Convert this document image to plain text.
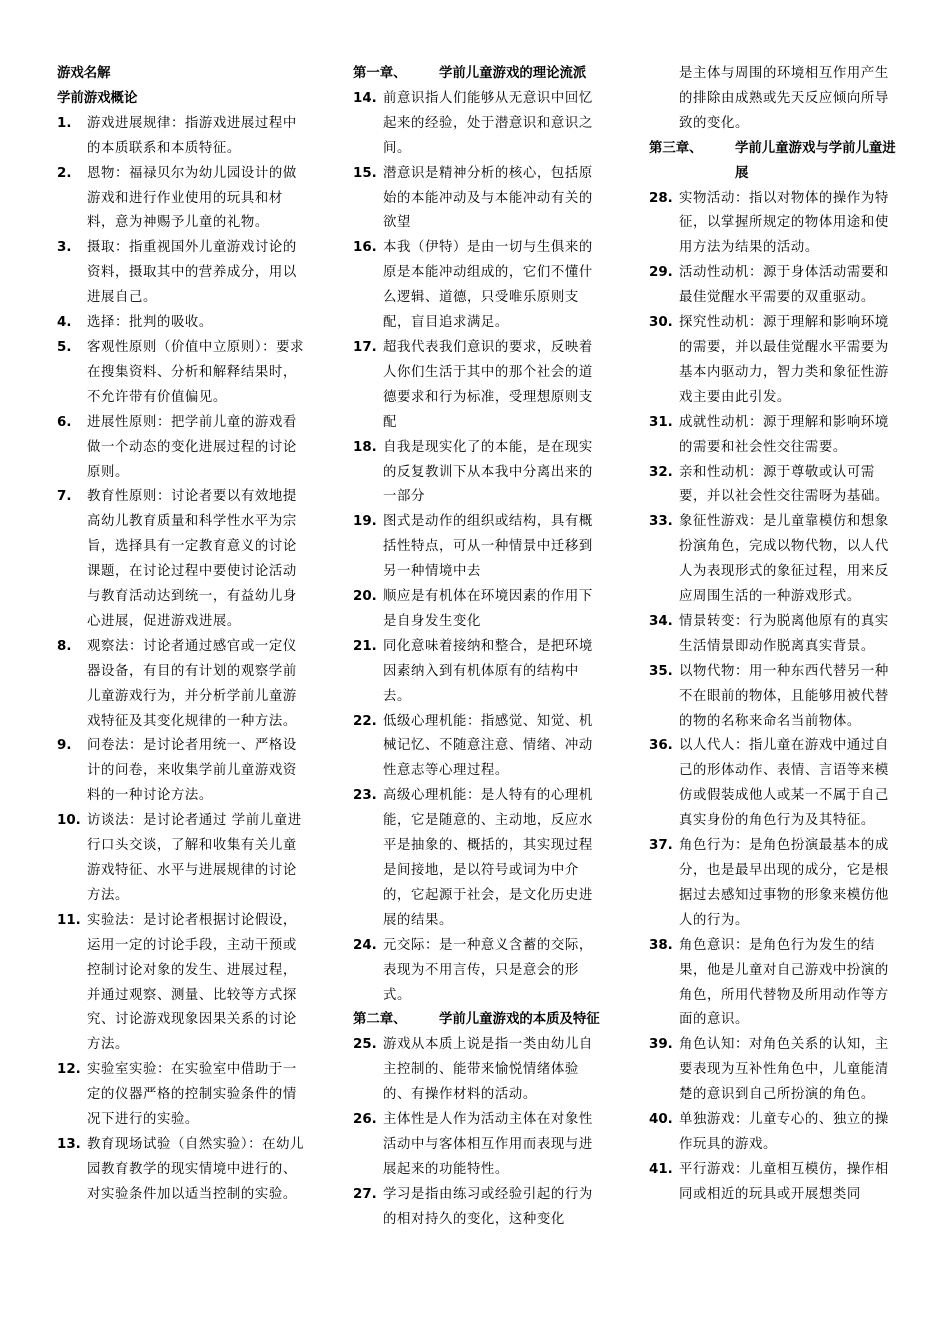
游戏名解
学前游戏概论
1. 游戏进展规律：指游戏进展过程中的本质联系和本质特征。
2. 恩物：福禄贝尔为幼儿园设计的做游戏和进行作业使用的玩具和材料，意为神赐予儿童的礼物。
3. 摄取：指重视国外儿童游戏讨论的资料，摄取其中的营养成分，用以进展自己。
4. 选择：批判的吸收。
5. 客观性原则（价值中立原则）：要求在搜集资料、分析和解释结果时，不允许带有价值偏见。
6. 进展性原则：把学前儿童的游戏看做一个动态的变化进展过程的讨论原则。
7. 教育性原则：讨论者要以有效地提高幼儿教育质量和科学性水平为宗旨，选择具有一定教育意义的讨论课题，在讨论过程中要使讨论活动与教育活动达到统一，有益幼儿身心进展，促进游戏进展。
8. 观察法：讨论者通过感官或一定仪器设备，有目的有计划的观察学前儿童游戏行为，并分析学前儿童游戏特征及其变化规律的一种方法。
9. 问卷法：是讨论者用统一、严格设计的问卷，来收集学前儿童游戏资料的一种讨论方法。
10. 访谈法：是讨论者通过 学前儿童进行口头交谈，了解和收集有关儿童游戏特征、水平与进展规律的讨论方法。
11. 实验法：是讨论者根据讨论假设，运用一定的讨论手段，主动干预或控制讨论对象的发生、进展过程，并通过观察、测量、比较等方式探究、讨论游戏现象因果关系的讨论方法。
12. 实验室实验：在实验室中借助于一定的仪器严格的控制实验条件的情况下进行的实验。
13. 教育现场试验（自然实验）：在幼儿园教育教学的现实情境中进行的、对实验条件加以适当控制的实验。
第一章、 学前儿童游戏的理论流派
14. 前意识指人们能够从无意识中回忆起来的经验，处于潜意识和意识之间。
15. 潜意识是精神分析的核心，包括原始的本能冲动及与本能冲动有关的欲望
16. 本我（伊特）是由一切与生俱来的原是本能冲动组成的，它们不懂什么逻辑、道德，只受唯乐原则支配，盲目追求满足。
17. 超我代表我们意识的要求，反映着人你们生活于其中的那个社会的道德要求和行为标准，受理想原则支配
18. 自我是现实化了的本能，是在现实的反复教训下从本我中分离出来的一部分
19. 图式是动作的组织或结构，具有概括性特点，可从一种情景中迁移到另一种情境中去
20. 顺应是有机体在环境因素的作用下是自身发生变化
21. 同化意味着接纳和整合，是把环境因素纳入到有机体原有的结构中去。
22. 低级心理机能：指感觉、知觉、机械记忆、不随意注意、情绪、冲动性意志等心理过程。
23. 高级心理机能：是人特有的心理机能，它是随意的、主动地，反应水平是抽象的、概括的，其实现过程是间接地，是以符号或词为中介的，它起源于社会，是文化历史进展的结果。
24. 元交际：是一种意义含蓄的交际，表现为不用言传，只是意会的形式。
第二章、 学前儿童游戏的本质及特征
25. 游戏从本质上说是指一类由幼儿自主控制的、能带来愉悦情绪体验的、有操作材料的活动。
26. 主体性是人作为活动主体在对象性活动中与客体相互作用而表现与进展起来的功能特性。
27. 学习是指由练习或经验引起的行为的相对持久的变化，这种变化
是主体与周围的环境相互作用产生的排除由成熟或先天反应倾向所导致的变化。
第三章、 学前儿童游戏与学前儿童进展
28. 实物活动：指以对物体的操作为特征，以掌握所规定的物体用途和使用方法为结果的活动。
29. 活动性动机：源于身体活动需要和最佳觉醒水平需要的双重驱动。
30. 探究性动机：源于理解和影响环境的需要，并以最佳觉醒水平需要为基本内驱动力，智力类和象征性游戏主要由此引发。
31. 成就性动机：源于理解和影响环境的需要和社会性交往需要。
32. 亲和性动机：源于尊敬或认可需要，并以社会性交往需呀为基础。
33. 象征性游戏：是儿童靠模仿和想象扮演角色，完成以物代物，以人代人为表现形式的象征过程，用来反应周围生活的一种游戏形式。
34. 情景转变：行为脱离他原有的真实生活情景即动作脱离真实背景。
35. 以物代物：用一种东西代替另一种不在眼前的物体，且能够用被代替的物的名称来命名当前物体。
36. 以人代人：指儿童在游戏中通过自己的形体动作、表情、言语等来模仿或假装成他人或某一不属于自己真实身份的角色行为及其特征。
37. 角色行为：是角色扮演最基本的成分，也是最早出现的成分，它是根据过去感知过事物的形象来模仿他人的行为。
38. 角色意识：是角色行为发生的结果，他是儿童对自己游戏中扮演的角色，所用代替物及所用动作等方面的意识。
39. 角色认知：对角色关系的认知，主要表现为互补性角色中，儿童能清楚的意识到自己所扮演的角色。
40. 单独游戏：儿童专心的、独立的操作玩具的游戏。
41. 平行游戏：儿童相互模仿，操作相同或相近的玩具或开展想类同
